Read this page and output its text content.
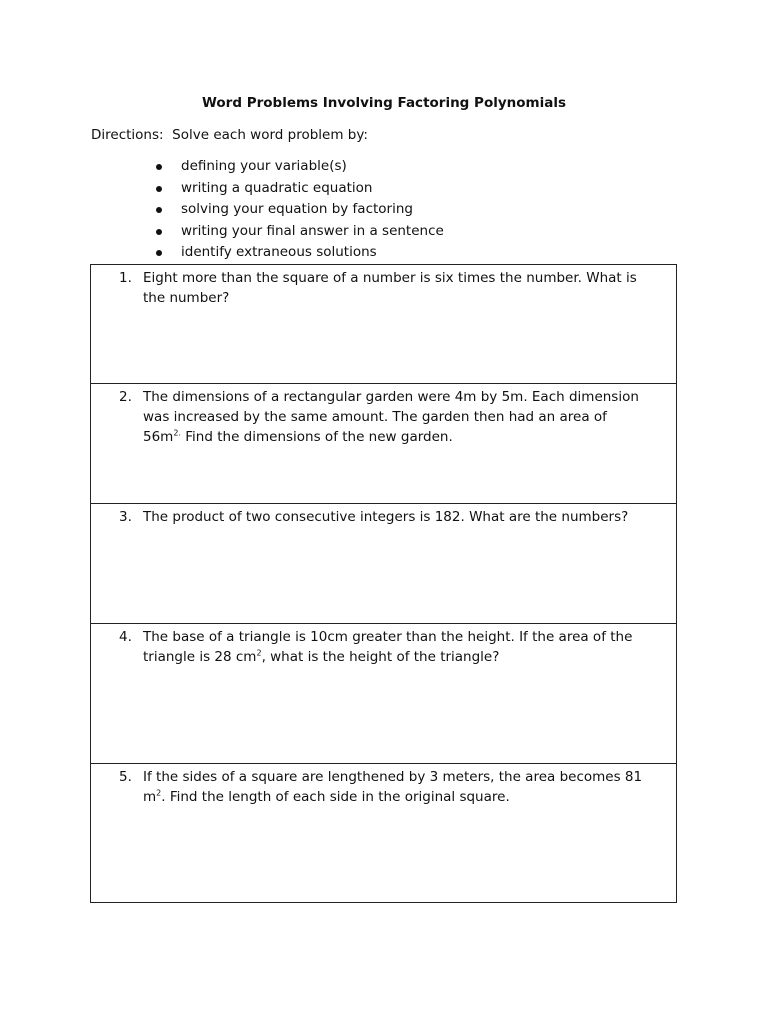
Word Problems Involving Factoring Polynomials
Directions:  Solve each word problem by:
defining your variable(s)
writing a quadratic equation
solving your equation by factoring
writing your final answer in a sentence
identify extraneous solutions
1. Eight more than the square of a number is six times the number. What is the number?
2. The dimensions of a rectangular garden were 4m by 5m. Each dimension was increased by the same amount. The garden then had an area of $56m^{2.}$ Find the dimensions of the new garden.
3. The product of two consecutive integers is 182. What are the numbers?
4. The base of a triangle is 10cm greater than the height. If the area of the triangle is 28 $cm^2$, what is the height of the triangle?
5. If the sides of a square are lengthened by 3 meters, the area becomes 81 $m^2$. Find the length of each side in the original square.
